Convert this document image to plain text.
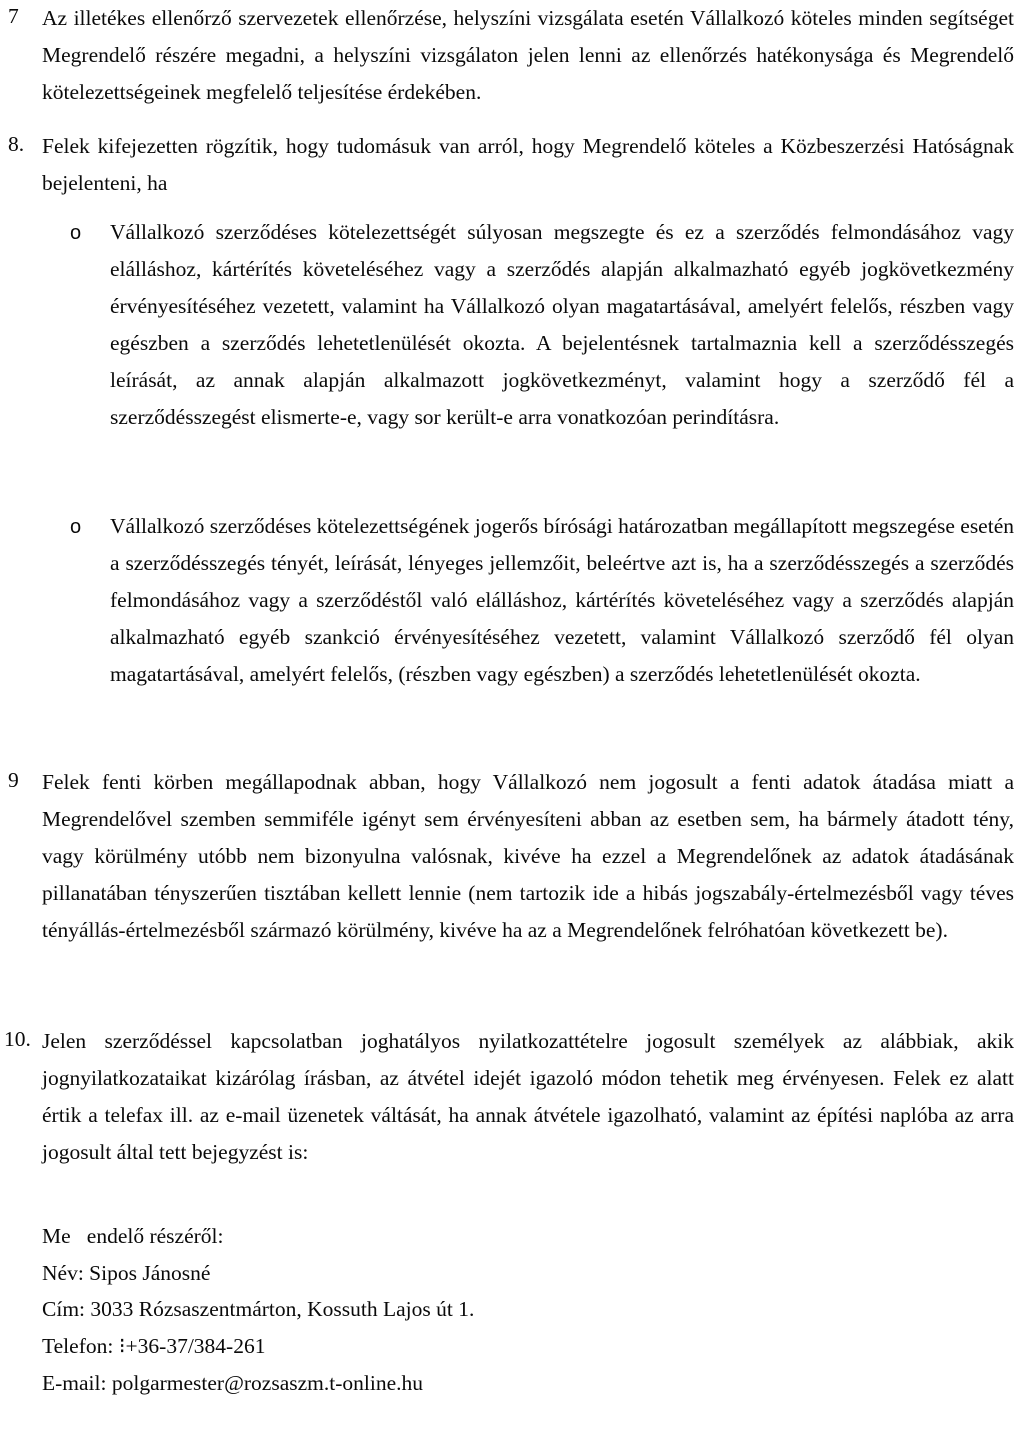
7 Az illetékes ellenőrző szervezetek ellenőrzése, helyszíni vizsgálata esetén Vállalkozó köteles minden segítséget Megrendelő részére megadni, a helyszíni vizsgálaton jelen lenni az ellenőrzés hatékonysága és Megrendelő kötelezettségeinek megfelelő teljesítése érdekében.
8. Felek kifejezetten rögzítik, hogy tudomásuk van arról, hogy Megrendelő köteles a Közbeszerzési Hatóságnak bejelenteni, ha
o Vállalkozó szerződéses kötelezettségét súlyosan megszegte és ez a szerződés felmondásához vagy elálláshoz, kártérítés követeléséhez vagy a szerződés alapján alkalmazható egyéb jogkövetkezmény érvényesítéséhez vezetett, valamint ha Vállalkozó olyan magatartásával, amelyért felelős, részben vagy egészben a szerződés lehetetlenülését okozta. A bejelentésnek tartalmaznia kell a szerződésszegés leírását, az annak alapján alkalmazott jogkövetkezményt, valamint hogy a szerződő fél a szerződésszegést elismerte-e, vagy sor került-e arra vonatkozóan perindításra.
o Vállalkozó szerződéses kötelezettségének jogerős bírósági határozatban megállapított megszegése esetén a szerződésszegés tényét, leírását, lényeges jellemzőit, beleértve azt is, ha a szerződésszegés a szerződés felmondásához vagy a szerződéstől való elálláshoz, kártérítés követeléséhez vagy a szerződés alapján alkalmazható egyéb szankció érvényesítéséhez vezetett, valamint Vállalkozó szerződő fél olyan magatartásával, amelyért felelős, (részben vagy egészben) a szerződés lehetetlenülését okozta.
9 Felek fenti körben megállapodnak abban, hogy Vállalkozó nem jogosult a fenti adatok átadása miatt a Megrendelővel szemben semmiféle igényt sem érvényesíteni abban az esetben sem, ha bármely átadott tény, vagy körülmény utóbb nem bizonyulna valósnak, kivéve ha ezzel a Megrendelőnek az adatok átadásának pillanatában tényszerűen tisztában kellett lennie (nem tartozik ide a hibás jogszabály-értelmezésből vagy téves tényállás-értelmezésből származó körülmény, kivéve ha az a Megrendelőnek felróhatóan következett be).
10. Jelen szerződéssel kapcsolatban joghatályos nyilatkozattételre jogosult személyek az alábbiak, akik jognyilatkozataikat kizárólag írásban, az átvétel idejét igazoló módon tehetik meg érvényesen. Felek ez alatt értik a telefax ill. az e-mail üzenetek váltását, ha annak átvétele igazolható, valamint az építési naplóba az arra jogosult által tett bejegyzést is:
Me   endelő részéről:
Név: Sipos Jánosné
Cím: 3033 Rózsaszentmárton, Kossuth Lajos út 1.
Telefon: ⁝+36-37/384-261
E-mail: polgarmester@rozsaszm.t-online.hu
